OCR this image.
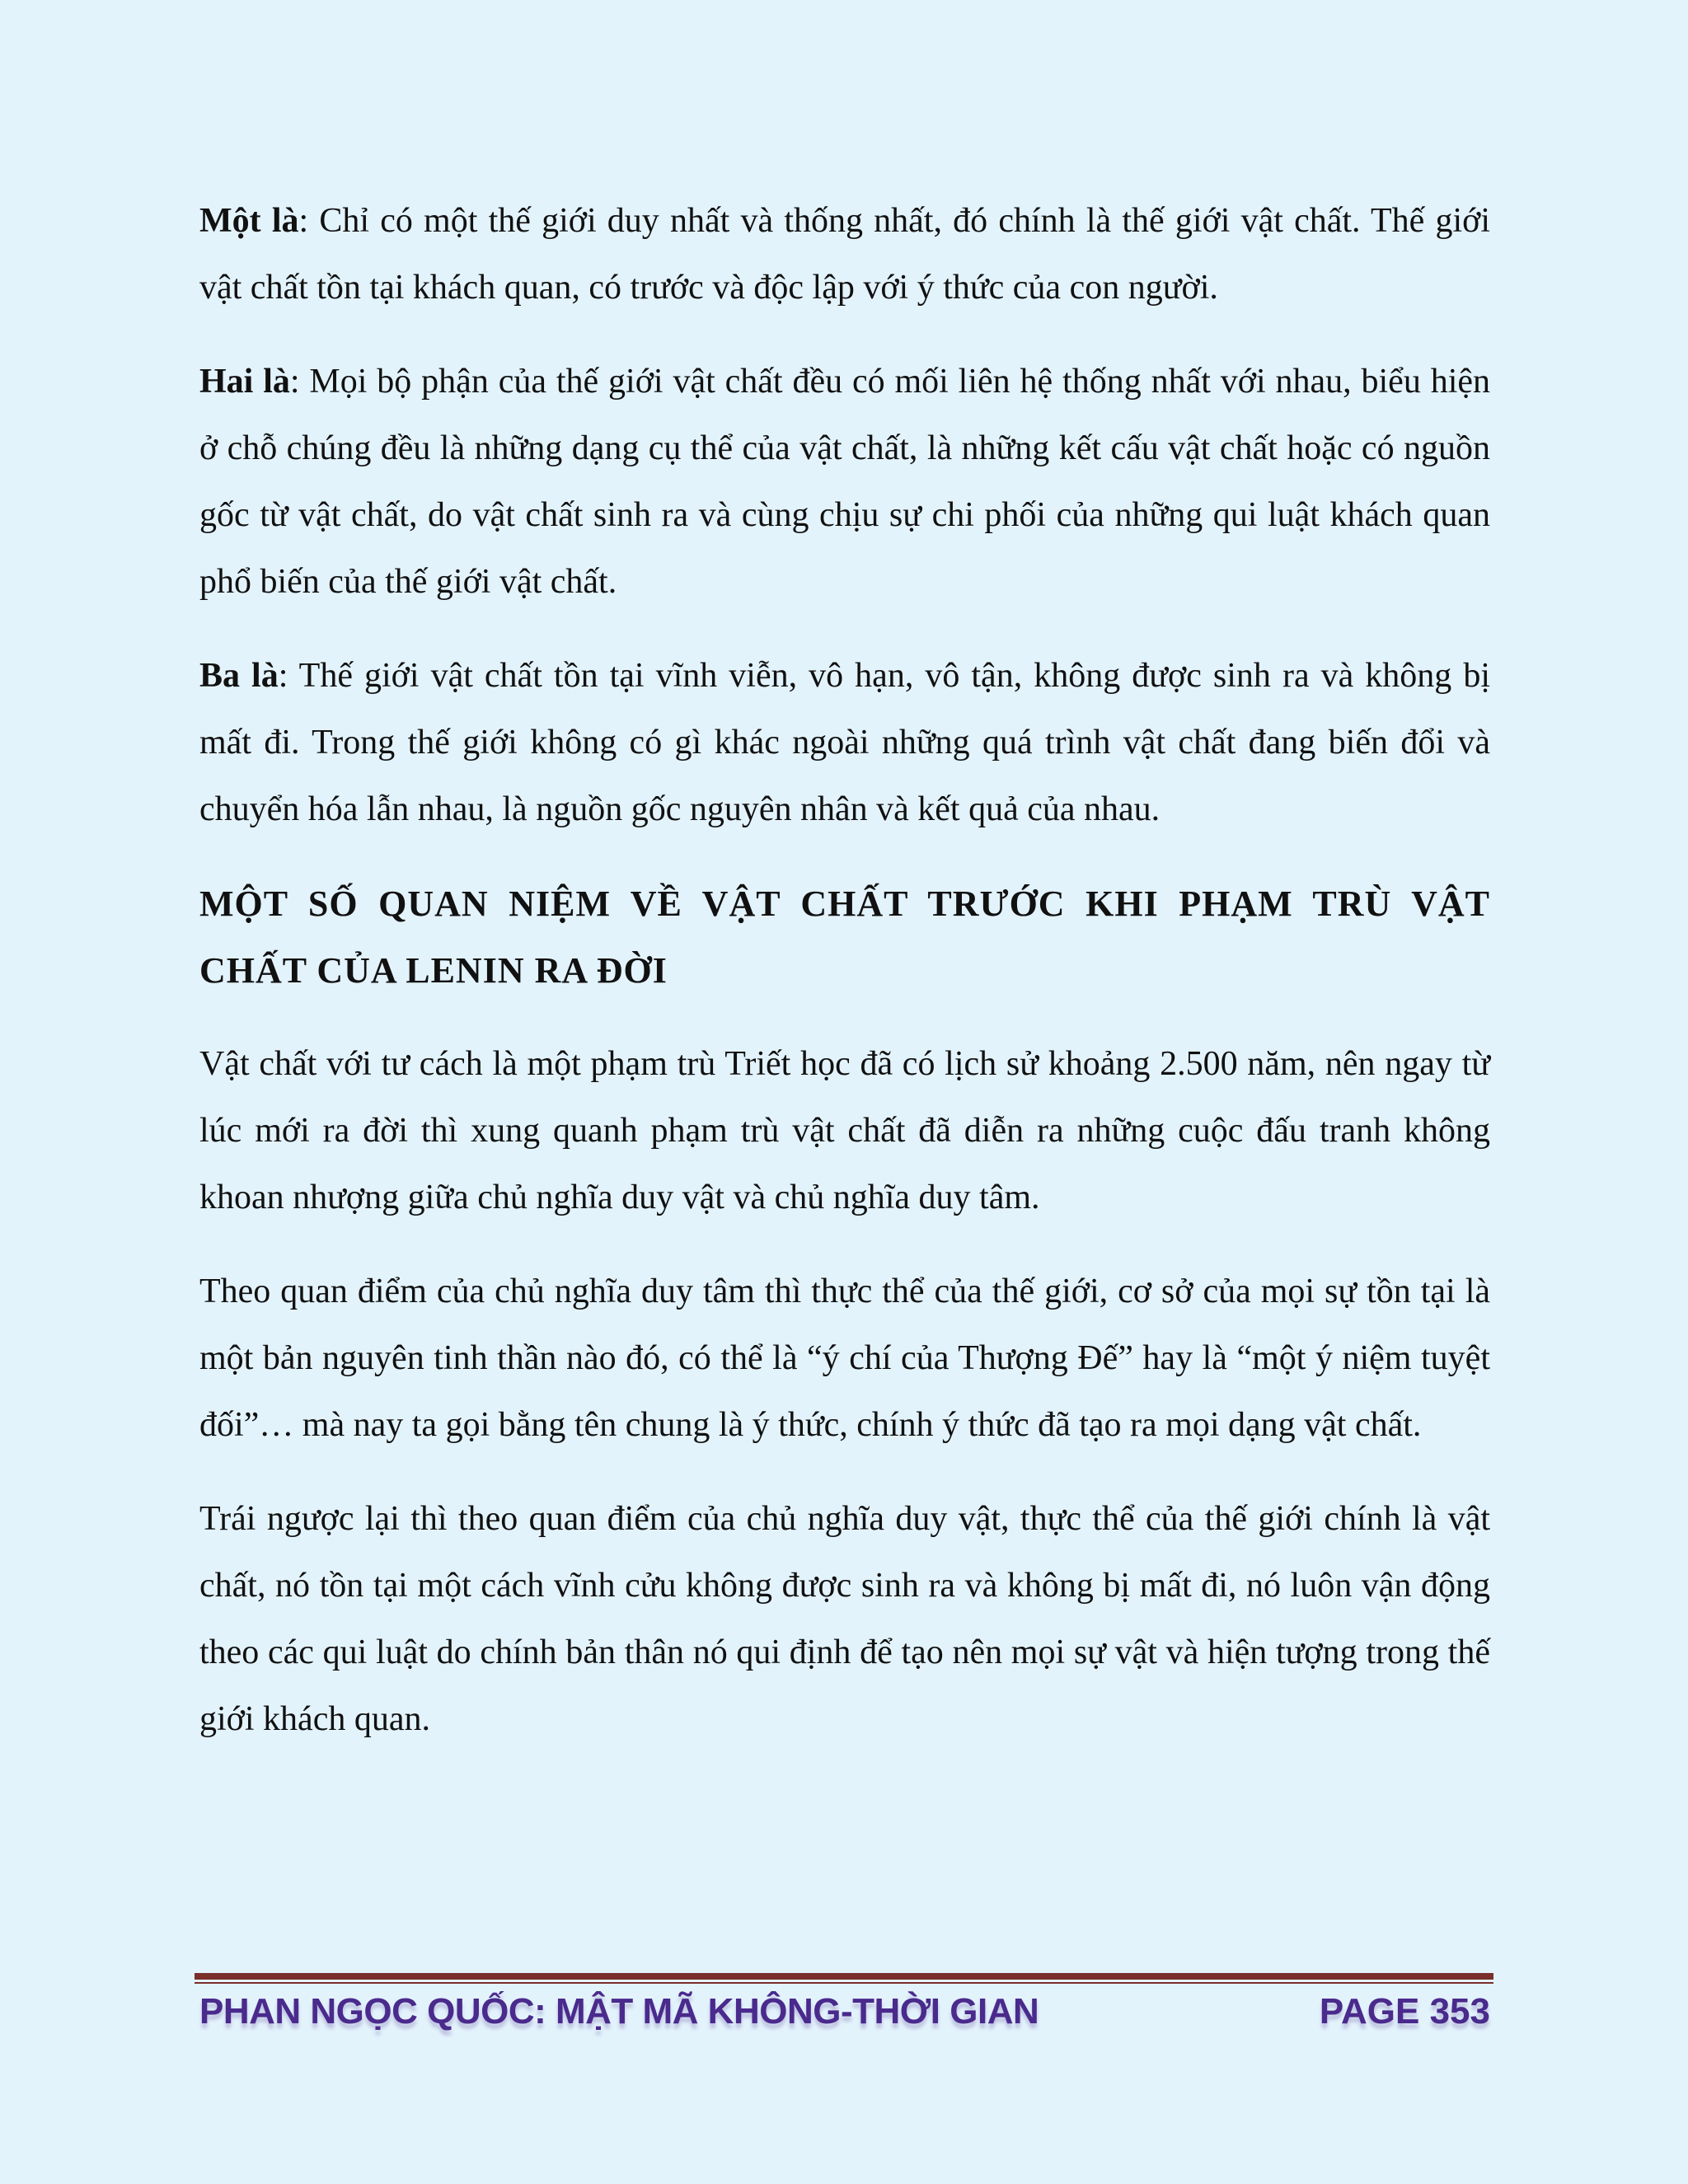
Một là: Chỉ có một thế giới duy nhất và thống nhất, đó chính là thế giới vật chất. Thế giới vật chất tồn tại khách quan, có trước và độc lập với ý thức của con người.

Hai là: Mọi bộ phận của thế giới vật chất đều có mối liên hệ thống nhất với nhau, biểu hiện ở chỗ chúng đều là những dạng cụ thể của vật chất, là những kết cấu vật chất hoặc có nguồn gốc từ vật chất, do vật chất sinh ra và cùng chịu sự chi phối của những qui luật khách quan phổ biến của thế giới vật chất.

Ba là: Thế giới vật chất tồn tại vĩnh viễn, vô hạn, vô tận, không được sinh ra và không bị mất đi. Trong thế giới không có gì khác ngoài những quá trình vật chất đang biến đổi và chuyển hóa lẫn nhau, là nguồn gốc nguyên nhân và kết quả của nhau.

MỘT SỐ QUAN NIỆM VỀ VẬT CHẤT TRƯỚC KHI PHẠM TRÙ VẬT CHẤT CỦA LENIN RA ĐỜI

Vật chất với tư cách là một phạm trù Triết học đã có lịch sử khoảng 2.500 năm, nên ngay từ lúc mới ra đời thì xung quanh phạm trù vật chất đã diễn ra những cuộc đấu tranh không khoan nhượng giữa chủ nghĩa duy vật và chủ nghĩa duy tâm.

Theo quan điểm của chủ nghĩa duy tâm thì thực thể của thế giới, cơ sở của mọi sự tồn tại là một bản nguyên tinh thần nào đó, có thể là “ý chí của Thượng Đế” hay là “một ý niệm tuyệt đối”… mà nay ta gọi bằng tên chung là ý thức, chính ý thức đã tạo ra mọi dạng vật chất.

Trái ngược lại thì theo quan điểm của chủ nghĩa duy vật, thực thể của thế giới chính là vật chất, nó tồn tại một cách vĩnh cửu không được sinh ra và không bị mất đi, nó luôn vận động theo các qui luật do chính bản thân nó qui định để tạo nên mọi sự vật và hiện tượng trong thế giới khách quan.

PHAN NGỌC QUỐC: MẬT MÃ KHÔNG-THỜI GIAN	PAGE 353
